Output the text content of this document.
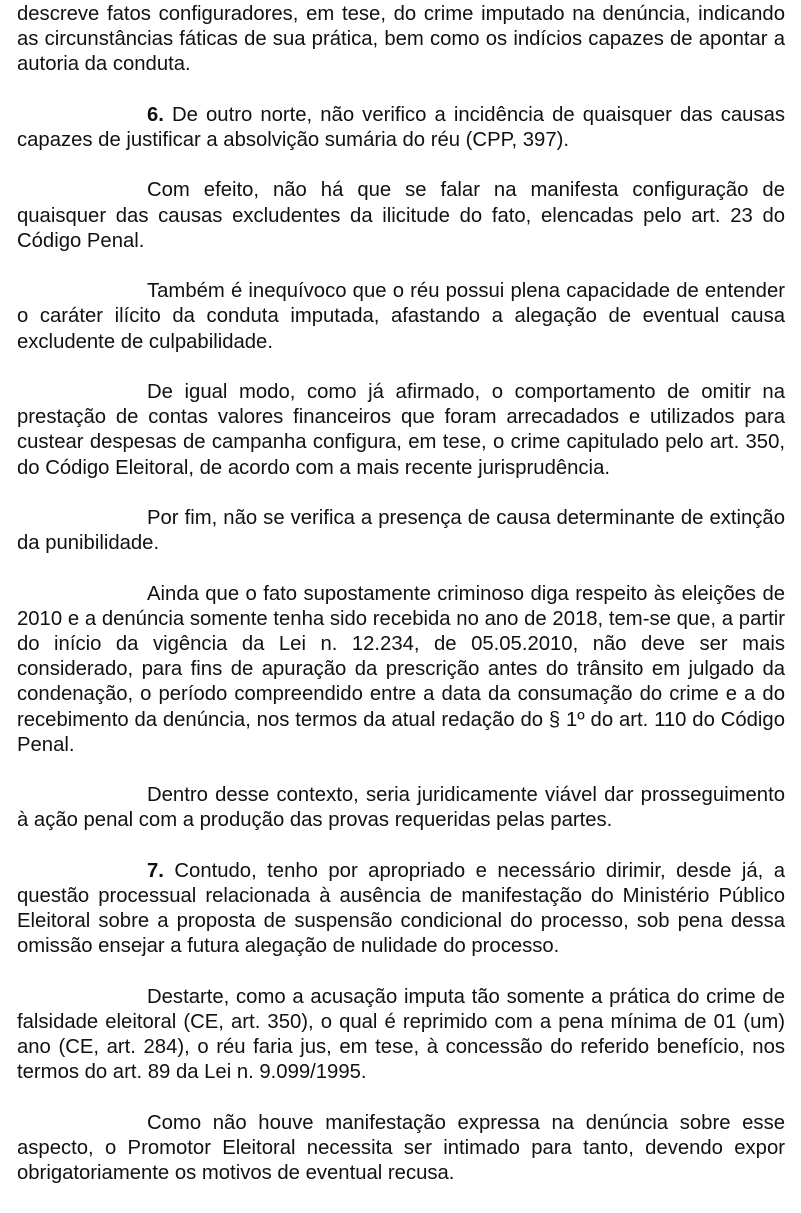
descreve fatos configuradores, em tese, do crime imputado na denúncia, indicando as circunstâncias fáticas de sua prática, bem como os indícios capazes de apontar a autoria da conduta.

6. De outro norte, não verifico a incidência de quaisquer das causas capazes de justificar a absolvição sumária do réu (CPP, 397).

Com efeito, não há que se falar na manifesta configuração de quaisquer das causas excludentes da ilicitude do fato, elencadas pelo art. 23 do Código Penal.

Também é inequívoco que o réu possui plena capacidade de entender o caráter ilícito da conduta imputada, afastando a alegação de eventual causa excludente de culpabilidade.

De igual modo, como já afirmado, o comportamento de omitir na prestação de contas valores financeiros que foram arrecadados e utilizados para custear despesas de campanha configura, em tese, o crime capitulado pelo art. 350, do Código Eleitoral, de acordo com a mais recente jurisprudência.

Por fim, não se verifica a presença de causa determinante de extinção da punibilidade.

Ainda que o fato supostamente criminoso diga respeito às eleições de 2010 e a denúncia somente tenha sido recebida no ano de 2018, tem-se que, a partir do início da vigência da Lei n. 12.234, de 05.05.2010, não deve ser mais considerado, para fins de apuração da prescrição antes do trânsito em julgado da condenação, o período compreendido entre a data da consumação do crime e a do recebimento da denúncia, nos termos da atual redação do § 1º do art. 110 do Código Penal.

Dentro desse contexto, seria juridicamente viável dar prosseguimento à ação penal com a produção das provas requeridas pelas partes.

7. Contudo, tenho por apropriado e necessário dirimir, desde já, a questão processual relacionada à ausência de manifestação do Ministério Público Eleitoral sobre a proposta de suspensão condicional do processo, sob pena dessa omissão ensejar a futura alegação de nulidade do processo.

Destarte, como a acusação imputa tão somente a prática do crime de falsidade eleitoral (CE, art. 350), o qual é reprimido com a pena mínima de 01 (um) ano (CE, art. 284), o réu faria jus, em tese, à concessão do referido benefício, nos termos do art. 89 da Lei n. 9.099/1995.

Como não houve manifestação expressa na denúncia sobre esse aspecto, o Promotor Eleitoral necessita ser intimado para tanto, devendo expor obrigatoriamente os motivos de eventual recusa.
